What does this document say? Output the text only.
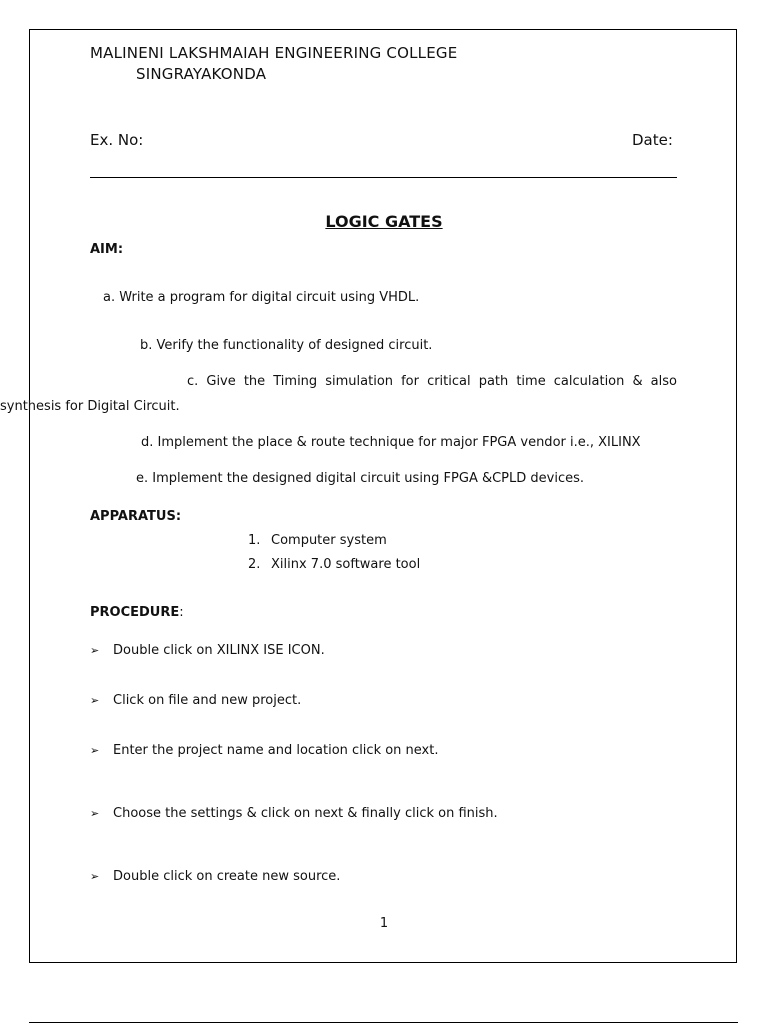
MALINENI LAKSHMAIAH ENGINEERING COLLEGE
SINGRAYAKONDA
Ex. No:	Date:
LOGIC GATES
AIM:
a. Write a program for digital circuit using VHDL.
b. Verify the functionality of designed circuit.
c. Give the Timing simulation for critical path time calculation & also
synthesis for Digital Circuit.
d. Implement the place & route technique for major FPGA vendor i.e., XILINX
e. Implement the designed digital circuit using FPGA &CPLD devices.
APPARATUS:
1. Computer system
2. Xilinx 7.0 software tool
PROCEDURE:
➢ Double click on XILINX ISE ICON.
➢ Click on file and new project.
➢ Enter the project name and location click on next.
➢ Choose the settings & click on next & finally click on finish.
➢ Double click on create new source.
1
